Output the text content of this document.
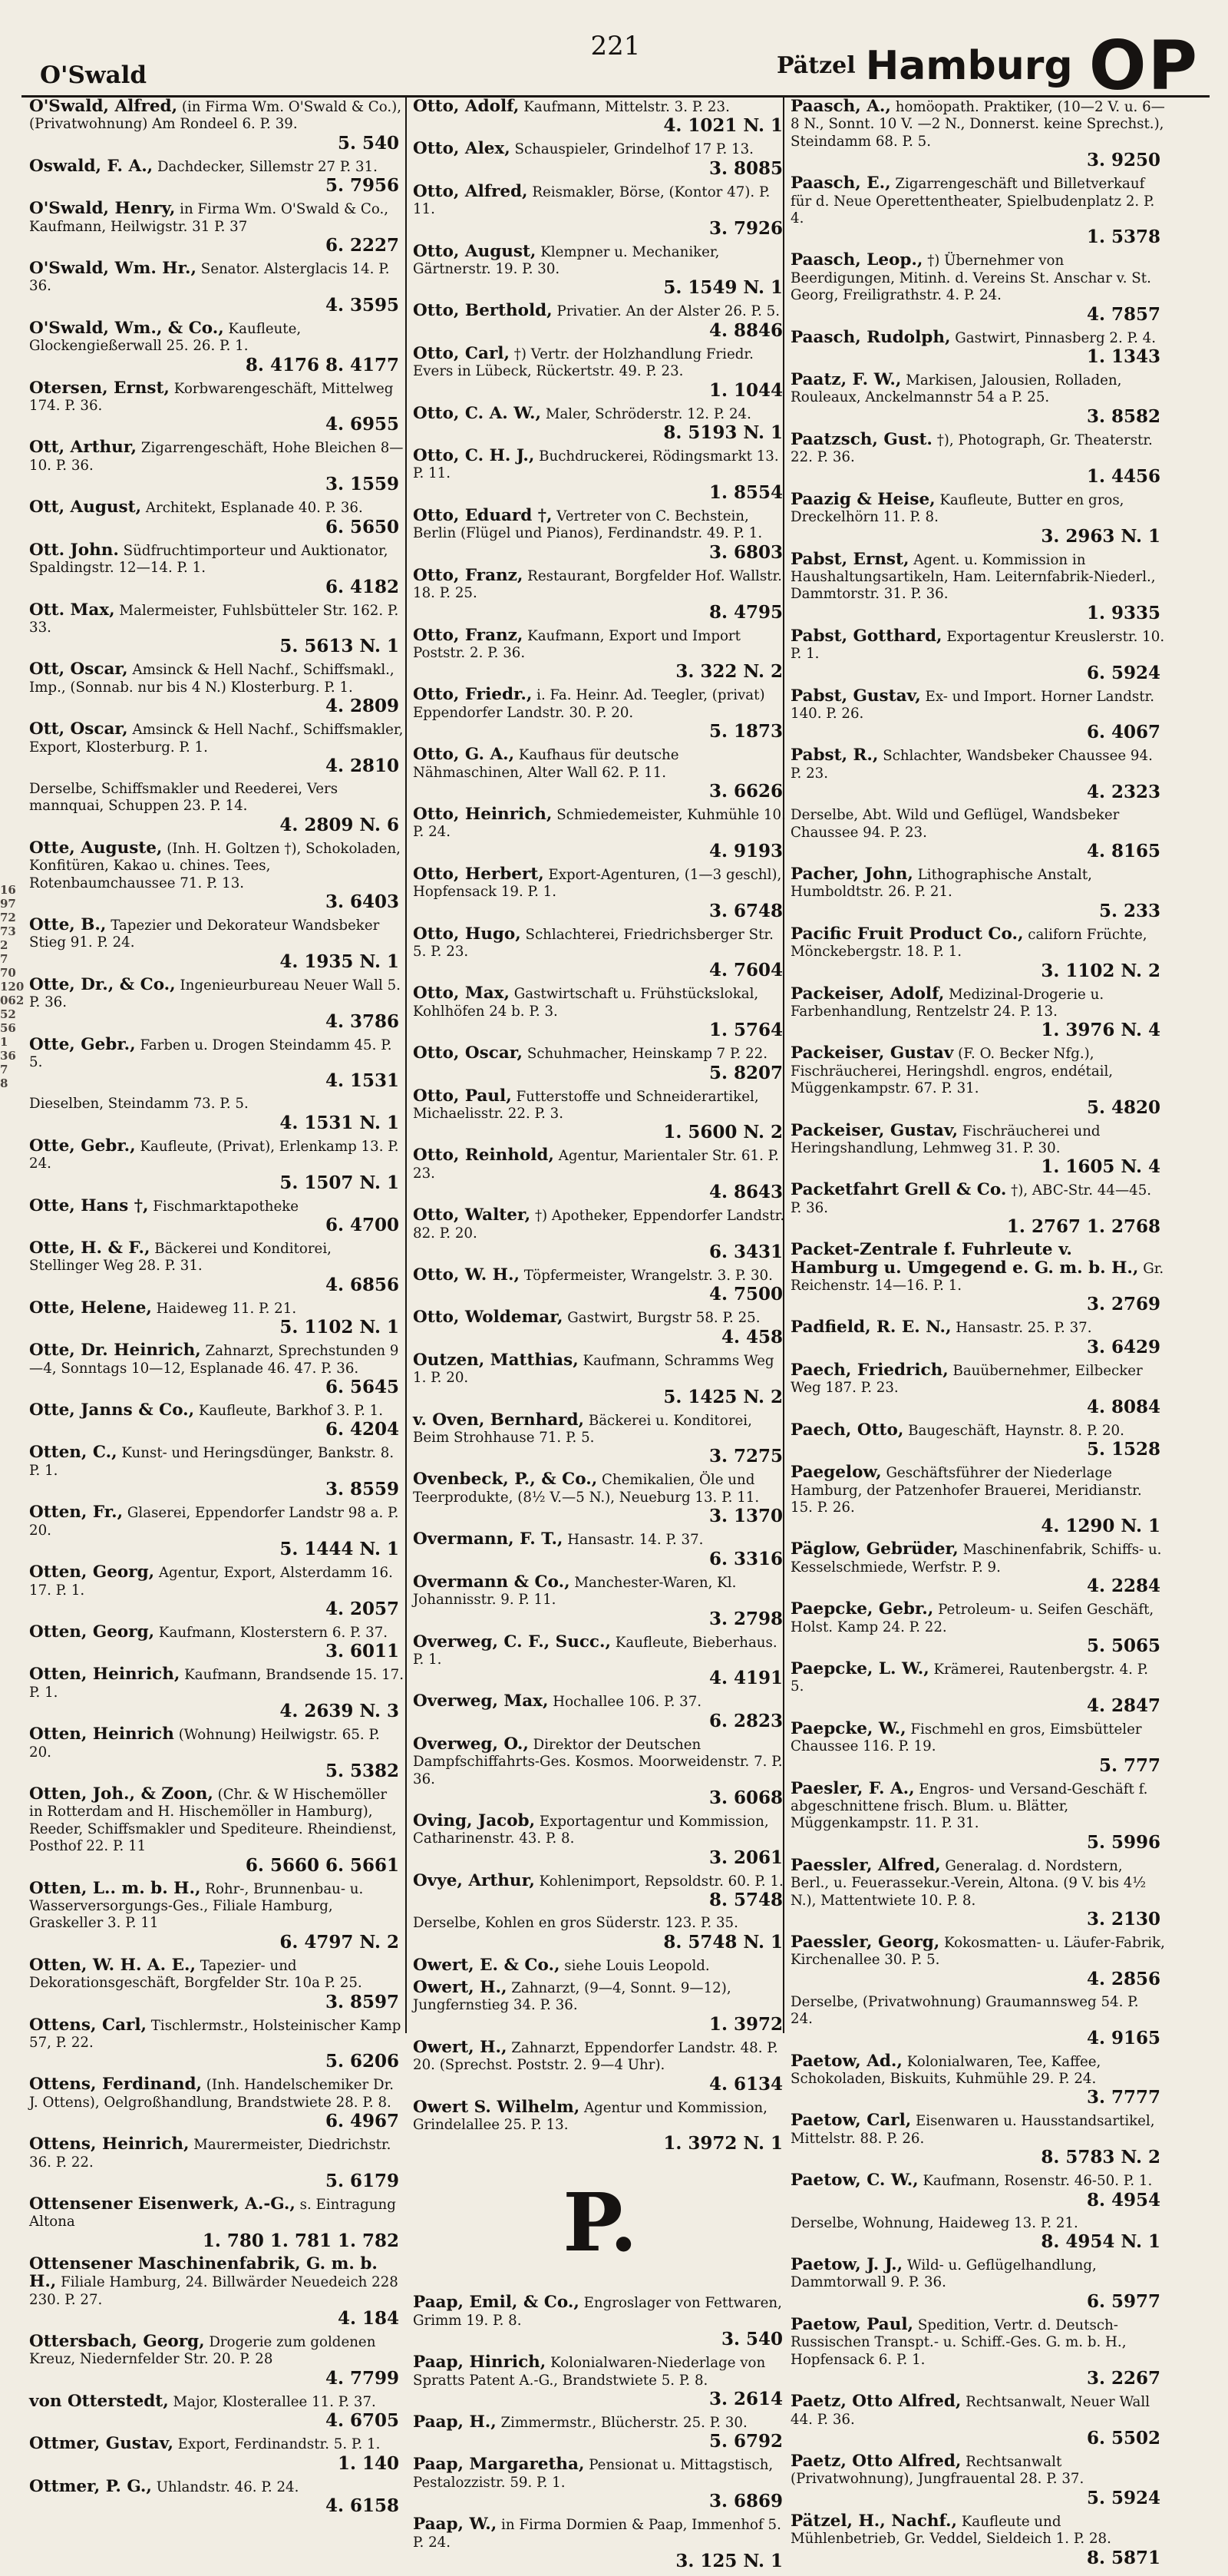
O'Swald
221
Pätzel Hamburg OP
16
97
72
73
2
7
70
120
062
52
56
1
36
7
8
O'Swald, Alfred, (in Firma Wm. O'Swald & Co.), (Privatwohnung) Am Rondeel 6. P. 39.
5. 540
Oswald, F. A., Dachdecker, Sillemstr 27 P. 31.
5. 7956
O'Swald, Henry, in Firma Wm. O'Swald & Co., Kaufmann, Heilwigstr. 31 P. 37
6. 2227
O'Swald, Wm. Hr., Senator. Alsterglacis 14. P. 36.
4. 3595
O'Swald, Wm., & Co., Kaufleute, Glockengießerwall 25. 26. P. 1.
8. 4176 8. 4177
Otersen, Ernst, Korbwarengeschäft, Mittelweg 174. P. 36.
4. 6955
Ott, Arthur, Zigarrengeschäft, Hohe Bleichen 8—10. P. 36.
3. 1559
Ott, August, Architekt, Esplanade 40. P. 36.
6. 5650
Ott. John. Südfruchtimporteur und Auktionator, Spaldingstr. 12—14. P. 1.
6. 4182
Ott. Max, Malermeister, Fuhlsbütteler Str. 162. P. 33.
5. 5613 N. 1
Ott, Oscar, Amsinck & Hell Nachf., Schiffsmakl., Imp., (Sonnab. nur bis 4 N.) Klosterburg. P. 1.
4. 2809
Ott, Oscar, Amsinck & Hell Nachf., Schiffsmakler, Export, Klosterburg. P. 1.
4. 2810
Derselbe, Schiffsmakler und Reederei, Vers mannquai, Schuppen 23. P. 14.
4. 2809 N. 6
Otte, Auguste, (Inh. H. Goltzen †), Schokoladen, Konfitüren, Kakao u. chines. Tees, Rotenbaumchaussee 71. P. 13.
3. 6403
Otte, B., Tapezier und Dekorateur Wandsbeker Stieg 91. P. 24.
4. 1935 N. 1
Otte, Dr., & Co., Ingenieurbureau Neuer Wall 5. P. 36.
4. 3786
Otte, Gebr., Farben u. Drogen Steindamm 45. P. 5.
4. 1531
Dieselben, Steindamm 73. P. 5.
4. 1531 N. 1
Otte, Gebr., Kaufleute, (Privat), Erlenkamp 13. P. 24.
5. 1507 N. 1
Otte, Hans †, Fischmarktapotheke
6. 4700
Otte, H. & F., Bäckerei und Konditorei, Stellinger Weg 28. P. 31.
4. 6856
Otte, Helene, Haideweg 11. P. 21.
5. 1102 N. 1
Otte, Dr. Heinrich, Zahnarzt, Sprechstunden 9—4, Sonntags 10—12, Esplanade 46. 47. P. 36.
6. 5645
Otte, Janns & Co., Kaufleute, Barkhof 3. P. 1.
6. 4204
Otten, C., Kunst- und Heringsdünger, Bankstr. 8. P. 1.
3. 8559
Otten, Fr., Glaserei, Eppendorfer Landstr 98 a. P. 20.
5. 1444 N. 1
Otten, Georg, Agentur, Export, Alsterdamm 16. 17. P. 1.
4. 2057
Otten, Georg, Kaufmann, Klosterstern 6. P. 37.
3. 6011
Otten, Heinrich, Kaufmann, Brandsende 15. 17. P. 1.
4. 2639 N. 3
Otten, Heinrich (Wohnung) Heilwigstr. 65. P. 20.
5. 5382
Otten, Joh., & Zoon, (Chr. & W Hischemöller in Rotterdam and H. Hischemöller in Hamburg), Reeder, Schiffsmakler und Spediteure. Rheindienst, Posthof 22. P. 11
6. 5660 6. 5661
Otten, L.. m. b. H., Rohr-, Brunnenbau- u. Wasserversorgungs-Ges., Filiale Hamburg, Graskeller 3. P. 11
6. 4797 N. 2
Otten, W. H. A. E., Tapezier- und Dekorationsgeschäft, Borgfelder Str. 10a P. 25.
3. 8597
Ottens, Carl, Tischlermstr., Holsteinischer Kamp 57, P. 22.
5. 6206
Ottens, Ferdinand, (Inh. Handelschemiker Dr. J. Ottens), Oelgroßhandlung, Brandstwiete 28. P. 8.
6. 4967
Ottens, Heinrich, Maurermeister, Diedrichstr. 36. P. 22.
5. 6179
Ottensener Eisenwerk, A.-G., s. Eintragung Altona
1. 780 1. 781 1. 782
Ottensener Maschinenfabrik, G. m. b. H., Filiale Hamburg, 24. Billwärder Neuedeich 228 230. P. 27.
4. 184
Ottersbach, Georg, Drogerie zum goldenen Kreuz, Niedernfelder Str. 20. P. 28
4. 7799
von Otterstedt, Major, Klosterallee 11. P. 37.
4. 6705
Ottmer, Gustav, Export, Ferdinandstr. 5. P. 1.
1. 140
Ottmer, P. G., Uhlandstr. 46. P. 24.
4. 6158
Otto, Adolf, Kaufmann, Mittelstr. 3. P. 23.
4. 1021 N. 1
Otto, Alex, Schauspieler, Grindelhof 17 P. 13.
3. 8085
Otto, Alfred, Reismakler, Börse, (Kontor 47). P. 11.
3. 7926
Otto, August, Klempner u. Mechaniker, Gärtnerstr. 19. P. 30.
5. 1549 N. 1
Otto, Berthold, Privatier. An der Alster 26. P. 5.
4. 8846
Otto, Carl, †) Vertr. der Holzhandlung Friedr. Evers in Lübeck, Rückertstr. 49. P. 23.
1. 1044
Otto, C. A. W., Maler, Schröderstr. 12. P. 24.
8. 5193 N. 1
Otto, C. H. J., Buchdruckerei, Rödingsmarkt 13. P. 11.
1. 8554
Otto, Eduard †, Vertreter von C. Bechstein, Berlin (Flügel und Pianos), Ferdinandstr. 49. P. 1.
3. 6803
Otto, Franz, Restaurant, Borgfelder Hof. Wallstr. 18. P. 25.
8. 4795
Otto, Franz, Kaufmann, Export und Import Poststr. 2. P. 36.
3. 322 N. 2
Otto, Friedr., i. Fa. Heinr. Ad. Teegler, (privat) Eppendorfer Landstr. 30. P. 20.
5. 1873
Otto, G. A., Kaufhaus für deutsche Nähmaschinen, Alter Wall 62. P. 11.
3. 6626
Otto, Heinrich, Schmiedemeister, Kuhmühle 10. P. 24.
4. 9193
Otto, Herbert, Export-Agenturen, (1—3 geschl), Hopfensack 19. P. 1.
3. 6748
Otto, Hugo, Schlachterei, Friedrichsberger Str. 5. P. 23.
4. 7604
Otto, Max, Gastwirtschaft u. Frühstückslokal, Kohlhöfen 24 b. P. 3.
1. 5764
Otto, Oscar, Schuhmacher, Heinskamp 7 P. 22.
5. 8207
Otto, Paul, Futterstoffe und Schneiderartikel, Michaelisstr. 22. P. 3.
1. 5600 N. 2
Otto, Reinhold, Agentur, Marientaler Str. 61. P. 23.
4. 8643
Otto, Walter, †) Apotheker, Eppendorfer Landstr. 82. P. 20.
6. 3431
Otto, W. H., Töpfermeister, Wrangelstr. 3. P. 30.
4. 7500
Otto, Woldemar, Gastwirt, Burgstr 58. P. 25.
4. 458
Outzen, Matthias, Kaufmann, Schramms Weg 1. P. 20.
5. 1425 N. 2
v. Oven, Bernhard, Bäckerei u. Konditorei, Beim Strohhause 71. P. 5.
3. 7275
Ovenbeck, P., & Co., Chemikalien, Öle und Teerprodukte, (8½ V.—5 N.), Neueburg 13. P. 11.
3. 1370
Overmann, F. T., Hansastr. 14. P. 37.
6. 3316
Overmann & Co., Manchester-Waren, Kl. Johannisstr. 9. P. 11.
3. 2798
Overweg, C. F., Succ., Kaufleute, Bieberhaus. P. 1.
4. 4191
Overweg, Max, Hochallee 106. P. 37.
6. 2823
Overweg, O., Direktor der Deutschen Dampfschiffahrts-Ges. Kosmos. Moorweidenstr. 7. P. 36.
3. 6068
Oving, Jacob, Exportagentur und Kommission, Catharinenstr. 43. P. 8.
3. 2061
Ovye, Arthur, Kohlenimport, Repsoldstr. 60. P. 1.
8. 5748
Derselbe, Kohlen en gros Süderstr. 123. P. 35.
8. 5748 N. 1
Owert, E. & Co., siehe Louis Leopold.
Owert, H., Zahnarzt, (9—4, Sonnt. 9—12), Jungfernstieg 34. P. 36.
1. 3972
Owert, H., Zahnarzt, Eppendorfer Landstr. 48. P. 20. (Sprechst. Poststr. 2. 9—4 Uhr).
4. 6134
Owert S. Wilhelm, Agentur und Kommission, Grindelallee 25. P. 13.
1. 3972 N. 1
P.
Paap, Emil, & Co., Engroslager von Fettwaren, Grimm 19. P. 8.
3. 540
Paap, Hinrich, Kolonialwaren-Niederlage von Spratts Patent A.-G., Brandstwiete 5. P. 8.
3. 2614
Paap, H., Zimmermstr., Blücherstr. 25. P. 30.
5. 6792
Paap, Margaretha, Pensionat u. Mittagstisch, Pestalozzistr. 59. P. 1.
3. 6869
Paap, W., in Firma Dormien & Paap, Immenhof 5. P. 24.
3. 125 N. 1
Paasch, A., homöopath. Praktiker, (10—2 V. u. 6—8 N., Sonnt. 10 V. —2 N., Donnerst. keine Sprechst.), Steindamm 68. P. 5.
3. 9250
Paasch, E., Zigarrengeschäft und Billetverkauf für d. Neue Operettentheater, Spielbudenplatz 2. P. 4.
1. 5378
Paasch, Leop., †) Übernehmer von Beerdigungen, Mitinh. d. Vereins St. Anschar v. St. Georg, Freiligrathstr. 4. P. 24.
4. 7857
Paasch, Rudolph, Gastwirt, Pinnasberg 2. P. 4.
1. 1343
Paatz, F. W., Markisen, Jalousien, Rolladen, Rouleaux, Anckelmannstr 54 a P. 25.
3. 8582
Paatzsch, Gust. †), Photograph, Gr. Theaterstr. 22. P. 36.
1. 4456
Paazig & Heise, Kaufleute, Butter en gros, Dreckelhörn 11. P. 8.
3. 2963 N. 1
Pabst, Ernst, Agent. u. Kommission in Haushaltungsartikeln, Ham. Leiternfabrik-Niederl., Dammtorstr. 31. P. 36.
1. 9335
Pabst, Gotthard, Exportagentur Kreuslerstr. 10. P. 1.
6. 5924
Pabst, Gustav, Ex- und Import. Horner Landstr. 140. P. 26.
6. 4067
Pabst, R., Schlachter, Wandsbeker Chaussee 94. P. 23.
4. 2323
Derselbe, Abt. Wild und Geflügel, Wandsbeker Chaussee 94. P. 23.
4. 8165
Pacher, John, Lithographische Anstalt, Humboldtstr. 26. P. 21.
5. 233
Pacific Fruit Product Co., californ Früchte, Mönckebergstr. 18. P. 1.
3. 1102 N. 2
Packeiser, Adolf, Medizinal-Drogerie u. Farbenhandlung, Rentzelstr 24. P. 13.
1. 3976 N. 4
Packeiser, Gustav (F. O. Becker Nfg.), Fischräucherei, Heringshdl. engros, endétail, Müggenkampstr. 67. P. 31.
5. 4820
Packeiser, Gustav, Fischräucherei und Heringshandlung, Lehmweg 31. P. 30.
1. 1605 N. 4
Packetfahrt Grell & Co. †), ABC-Str. 44—45. P. 36.
1. 2767 1. 2768
Packet-Zentrale f. Fuhrleute v. Hamburg u. Umgegend e. G. m. b. H., Gr. Reichenstr. 14—16. P. 1.
3. 2769
Padfield, R. E. N., Hansastr. 25. P. 37.
3. 6429
Paech, Friedrich, Bauübernehmer, Eilbecker Weg 187. P. 23.
4. 8084
Paech, Otto, Baugeschäft, Haynstr. 8. P. 20.
5. 1528
Paegelow, Geschäftsführer der Niederlage Hamburg, der Patzenhofer Brauerei, Meridianstr. 15. P. 26.
4. 1290 N. 1
Päglow, Gebrüder, Maschinenfabrik, Schiffs- u. Kesselschmiede, Werfstr. P. 9.
4. 2284
Paepcke, Gebr., Petroleum- u. Seifen Geschäft, Holst. Kamp 24. P. 22.
5. 5065
Paepcke, L. W., Krämerei, Rautenbergstr. 4. P. 5.
4. 2847
Paepcke, W., Fischmehl en gros, Eimsbütteler Chaussee 116. P. 19.
5. 777
Paesler, F. A., Engros- und Versand-Geschäft f. abgeschnittene frisch. Blum. u. Blätter, Müggenkampstr. 11. P. 31.
5. 5996
Paessler, Alfred, Generalag. d. Nordstern, Berl., u. Feuerassekur.-Verein, Altona. (9 V. bis 4½ N.), Mattentwiete 10. P. 8.
3. 2130
Paessler, Georg, Kokosmatten- u. Läufer-Fabrik, Kirchenallee 30. P. 5.
4. 2856
Derselbe, (Privatwohnung) Graumannsweg 54. P. 24.
4. 9165
Paetow, Ad., Kolonialwaren, Tee, Kaffee, Schokoladen, Biskuits, Kuhmühle 29. P. 24.
3. 7777
Paetow, Carl, Eisenwaren u. Hausstandsartikel, Mittelstr. 88. P. 26.
8. 5783 N. 2
Paetow, C. W., Kaufmann, Rosenstr. 46-50. P. 1.
8. 4954
Derselbe, Wohnung, Haideweg 13. P. 21.
8. 4954 N. 1
Paetow, J. J., Wild- u. Geflügelhandlung, Dammtorwall 9. P. 36.
6. 5977
Paetow, Paul, Spedition, Vertr. d. Deutsch-Russischen Transpt.- u. Schiff.-Ges. G. m. b. H., Hopfensack 6. P. 1.
3. 2267
Paetz, Otto Alfred, Rechtsanwalt, Neuer Wall 44. P. 36.
6. 5502
Paetz, Otto Alfred, Rechtsanwalt (Privatwohnung), Jungfrauental 28. P. 37.
5. 5924
Pätzel, H., Nachf., Kaufleute und Mühlenbetrieb, Gr. Veddel, Sieldeich 1. P. 28.
8. 5871
